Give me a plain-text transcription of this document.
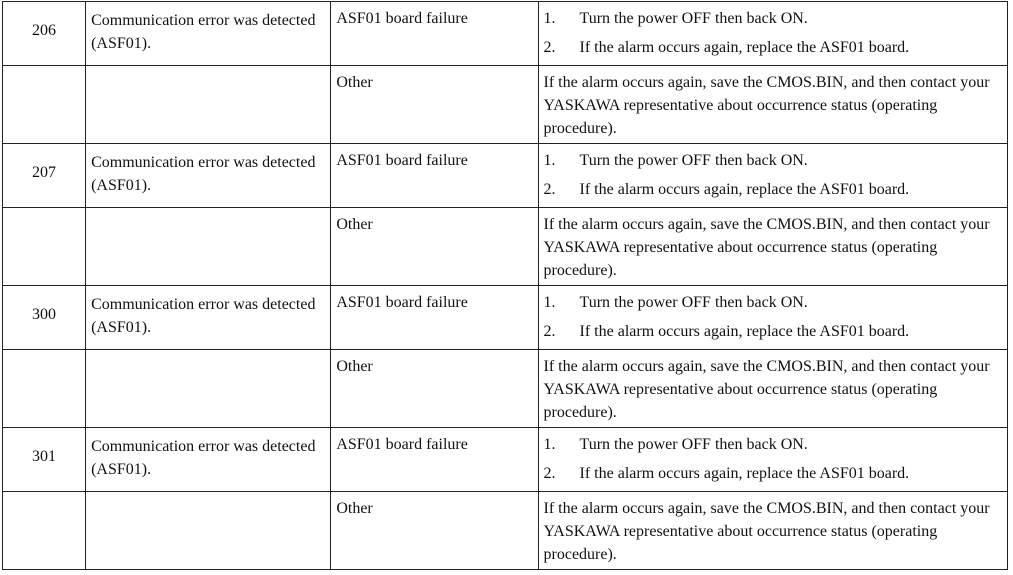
206	Communication error was detected (ASF01).	ASF01 board failure	1. Turn the power OFF then back ON.
2. If the alarm occurs again, replace the ASF01 board.

		Other	If the alarm occurs again, save the CMOS.BIN, and then contact your YASKAWA representative about occurrence status (operating procedure).
207	Communication error was detected (ASF01).	ASF01 board failure	1. Turn the power OFF then back ON.
2. If the alarm occurs again, replace the ASF01 board.

		Other	If the alarm occurs again, save the CMOS.BIN, and then contact your YASKAWA representative about occurrence status (operating procedure).
300	Communication error was detected (ASF01).	ASF01 board failure	1. Turn the power OFF then back ON.
2. If the alarm occurs again, replace the ASF01 board.

		Other	If the alarm occurs again, save the CMOS.BIN, and then contact your YASKAWA representative about occurrence status (operating procedure).
301	Communication error was detected (ASF01).	ASF01 board failure	1. Turn the power OFF then back ON.
2. If the alarm occurs again, replace the ASF01 board.

		Other	If the alarm occurs again, save the CMOS.BIN, and then contact your YASKAWA representative about occurrence status (operating procedure).
